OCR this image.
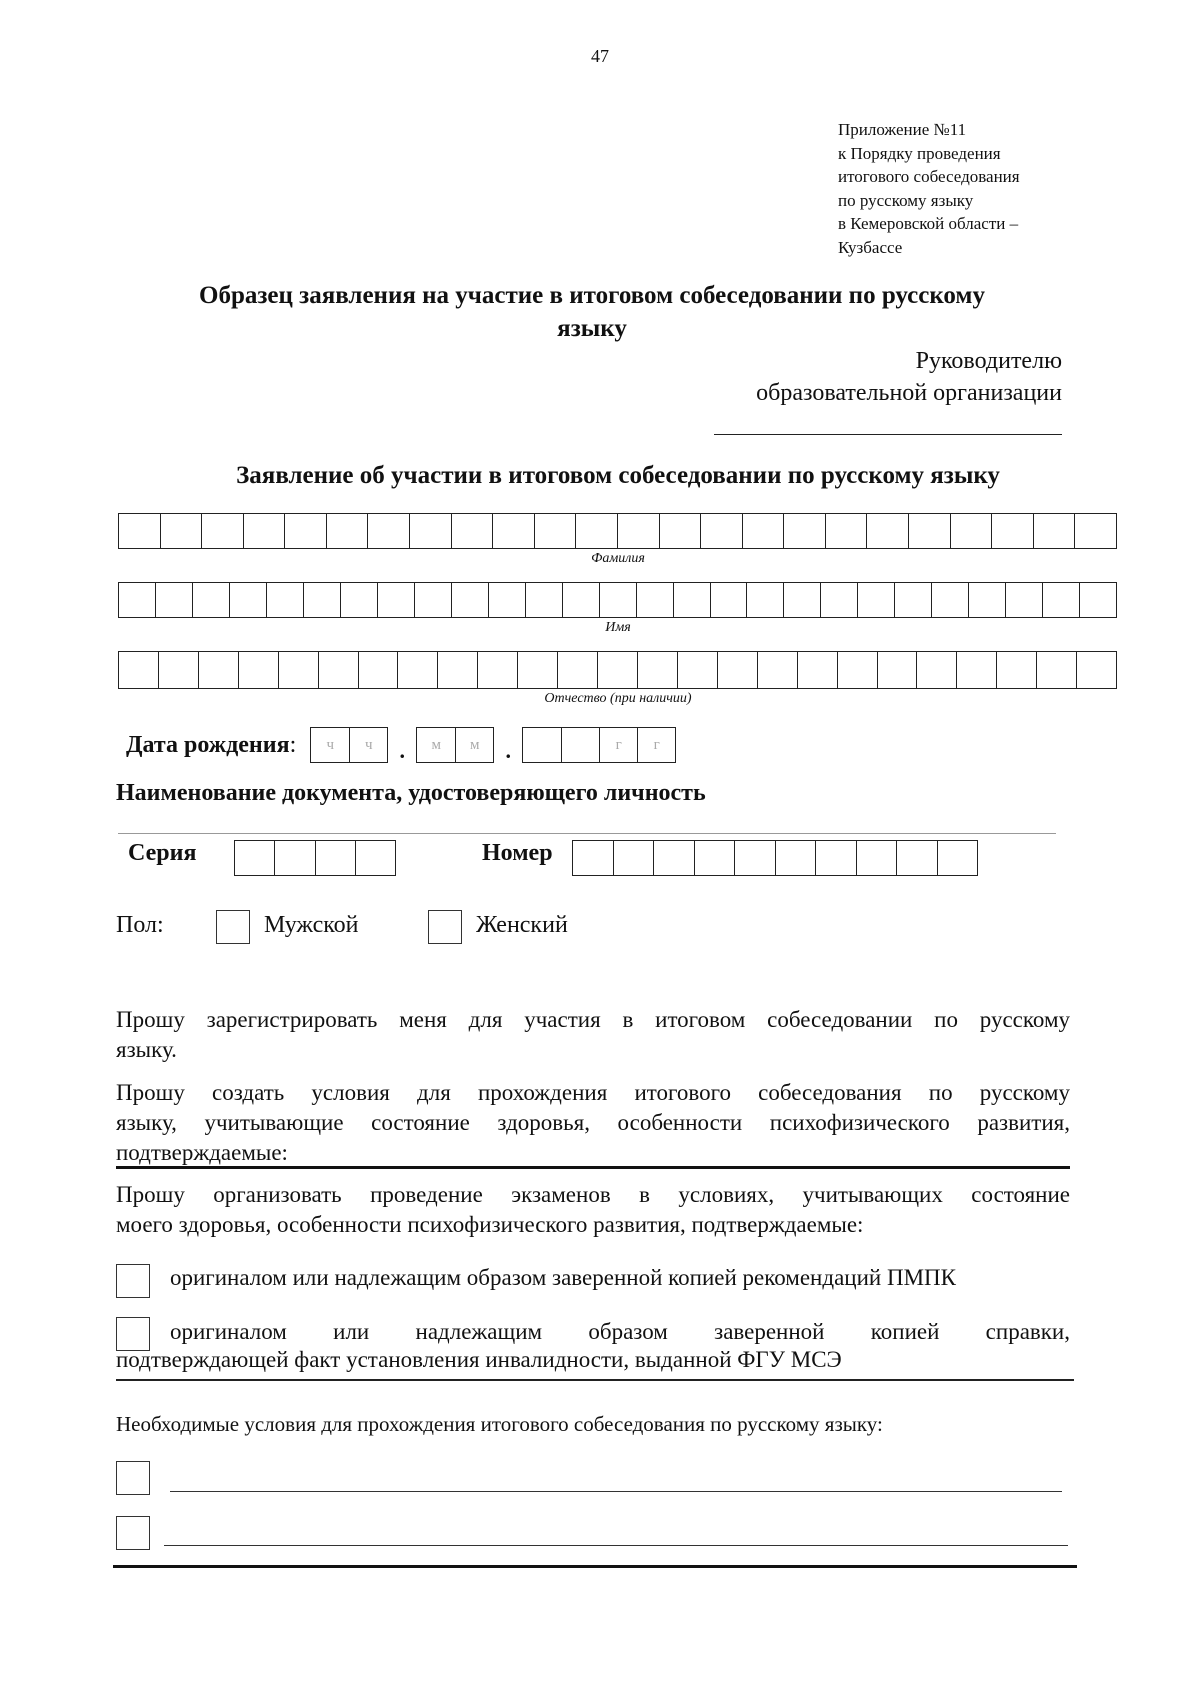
47
Приложение №11
к Порядку проведения
итогового собеседования
по русскому языку
в Кемеровской области –
Кузбассе
Образец заявления на участие в итоговом собеседовании по русскому
языку
Руководителю
образовательной организации
Заявление об участии в итоговом собеседовании по русскому языку
Фамилия
Имя
Отчество (при наличии)
Дата рождения :	ч	ч	.	м	м	.	г	г
Наименование документа, удостоверяющего личность
Серия	Номер
Пол:	Мужской	Женский
Прошу зарегистрировать меня для участия в итоговом собеседовании по русскому
языку.
Прошу создать условия для прохождения итогового собеседования по русскому
языку, учитывающие состояние здоровья, особенности психофизического развития,
подтверждаемые:
Прошу организовать проведение экзаменов в условиях, учитывающих состояние
моего здоровья, особенности психофизического развития, подтверждаемые:
оригиналом или надлежащим образом заверенной копией рекомендаций ПМПК
оригиналом или надлежащим образом заверенной копией справки,
подтверждающей факт установления инвалидности, выданной ФГУ МСЭ
Необходимые условия для прохождения итогового собеседования по русскому языку:
